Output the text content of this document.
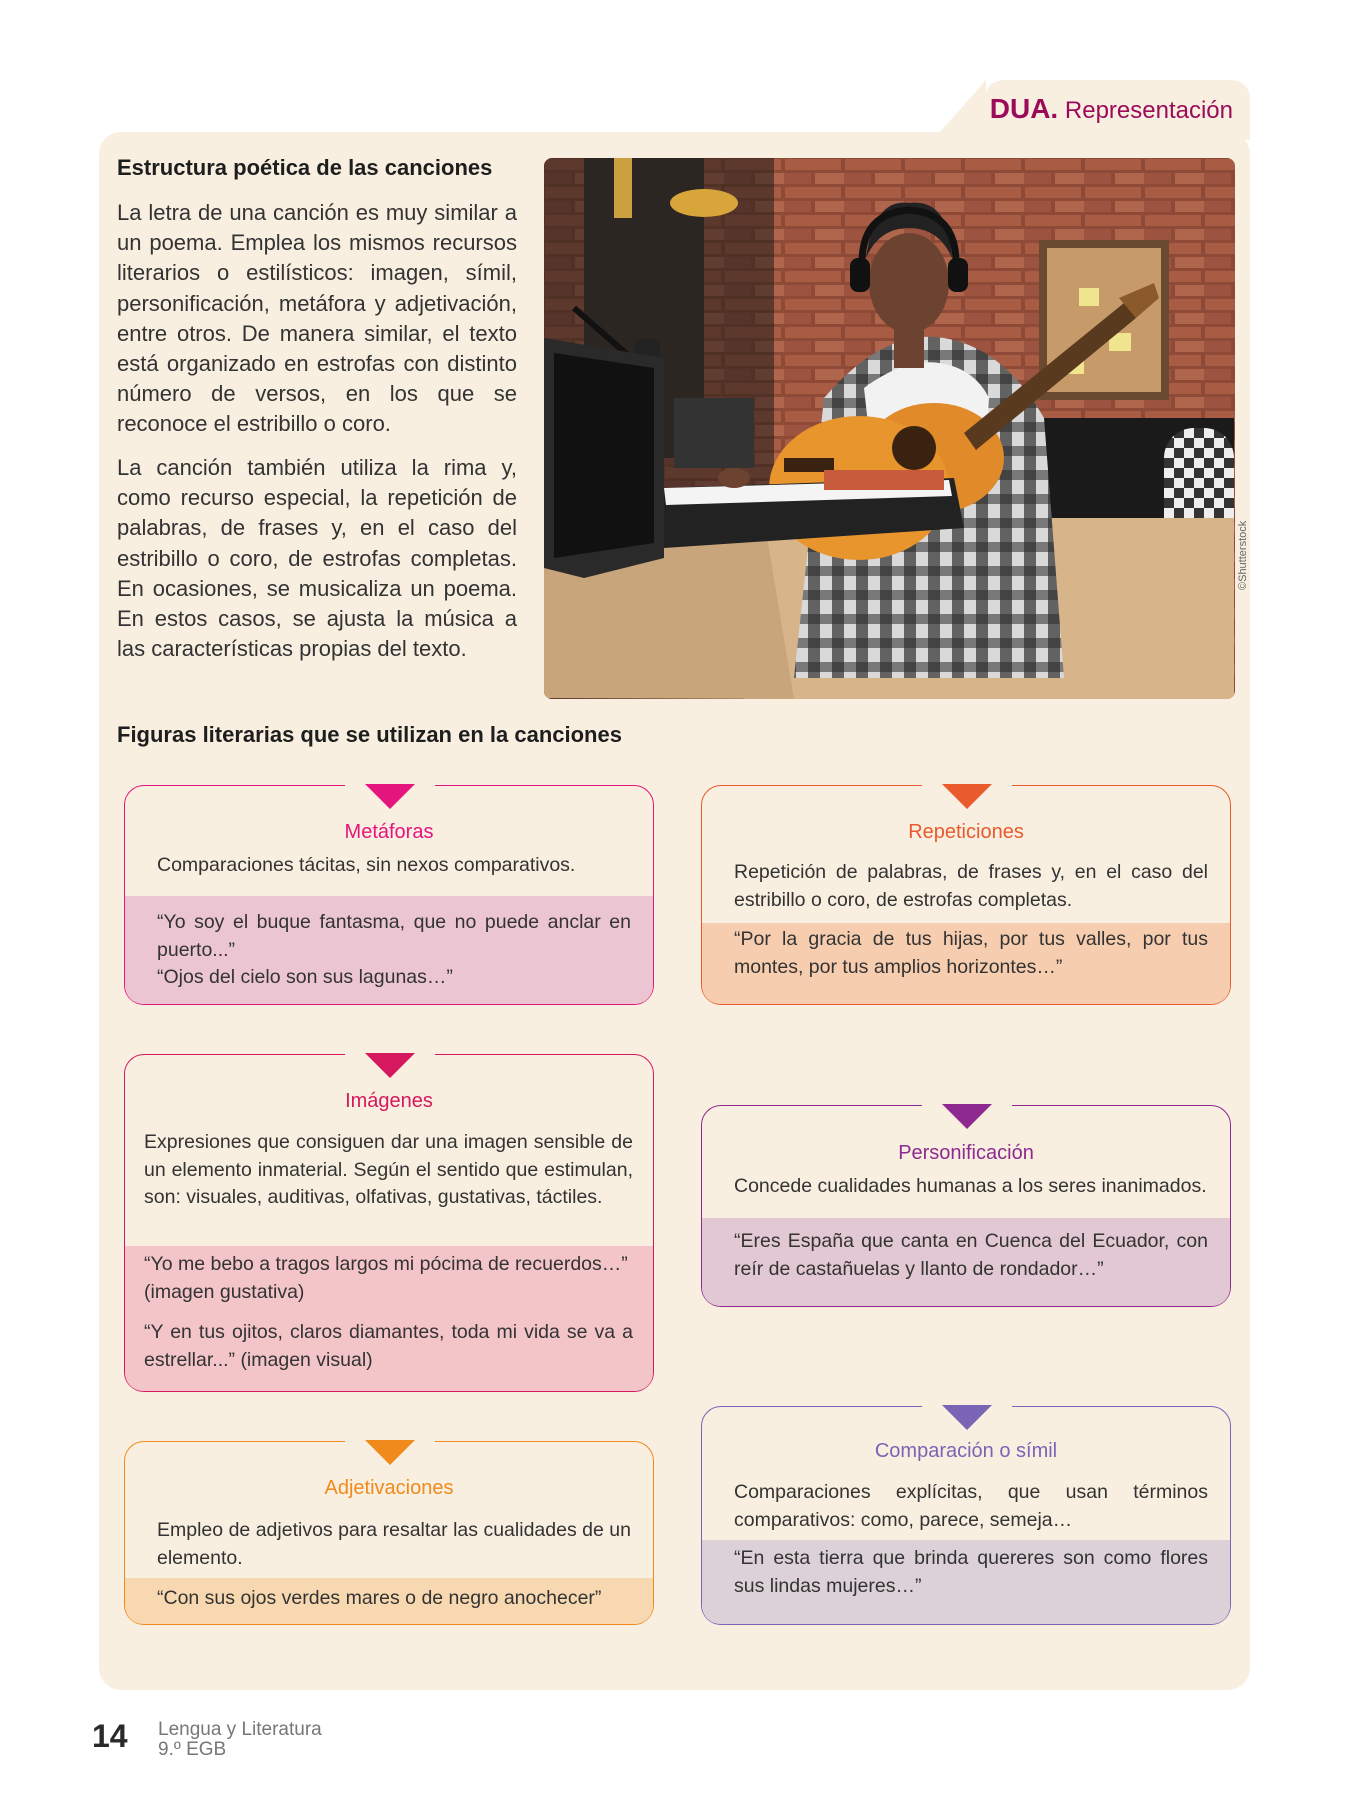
DUA. Representación
Estructura poética de las canciones

La letra de una canción es muy similar a un poema. Emplea los mismos recursos literarios o estilísticos: imagen, símil, personificación, metáfora y adjetivación, entre otros. De manera similar, el texto está organizado en estrofas con distinto número de versos, en los que se reconoce el estribillo o coro.

La canción también utiliza la rima y, como recurso especial, la repetición de palabras, de frases y, en el caso del estribillo o coro, de estrofas completas. En ocasiones, se musicaliza un poema. En estos casos, se ajusta la música a las características propias del texto.

©Shutterstock
Figuras literarias que se utilizan en la canciones
Metáforas

Comparaciones tácitas, sin nexos comparativos.

“Yo soy el buque fantasma, que no puede anclar en puerto...”

“Ojos del cielo son sus lagunas…”

Repeticiones

Repetición de palabras, de frases y, en el caso del estribillo o coro, de estrofas completas.

“Por la gracia de tus hijas, por tus valles, por tus montes, por tus amplios horizontes…”

Imágenes

Expresiones que consiguen dar una imagen sensible de un elemento inmaterial. Según el sentido que estimulan, son: visuales, auditivas, olfativas, gustativas, táctiles.

“Yo me bebo a tragos largos mi pócima de recuerdos…” (imagen gustativa)

“Y en tus ojitos, claros diamantes, toda mi vida se va a estrellar...” (imagen visual)

Personificación

Concede cualidades humanas a los seres inanimados.

“Eres España que canta en Cuenca del Ecuador, con reír de castañuelas y llanto de rondador…”

Adjetivaciones

Empleo de adjetivos para resaltar las cualidades de un elemento.

“Con sus ojos verdes mares o de negro anochecer”

Comparación o símil

Comparaciones explícitas, que usan términos comparativos: como, parece, semeja…

“En esta tierra que brinda quereres son como flores sus lindas mujeres…”

14 Lengua y Literatura
9.º EGB
